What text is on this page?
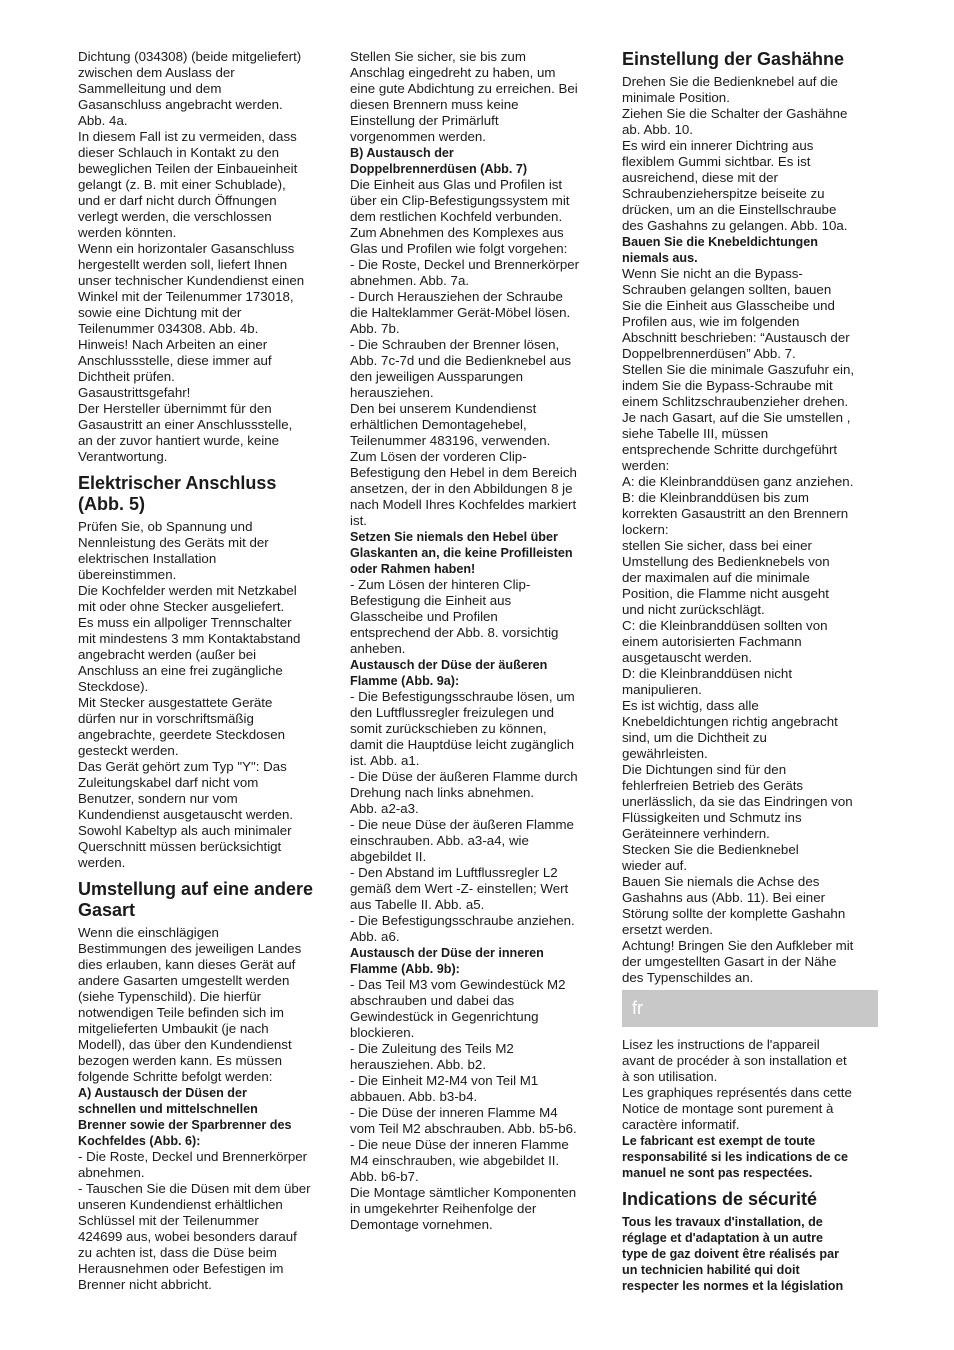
Dichtung (034308) (beide mitgeliefert)
zwischen dem Auslass der
Sammelleitung und dem
Gasanschluss angebracht werden.
Abb. 4a.
In diesem Fall ist zu vermeiden, dass
dieser Schlauch in Kontakt zu den
beweglichen Teilen der Einbaueinheit
gelangt (z. B. mit einer Schublade),
und er darf nicht durch Öffnungen
verlegt werden, die verschlossen
werden könnten.
Wenn ein horizontaler Gasanschluss
hergestellt werden soll, liefert Ihnen
unser technischer Kundendienst einen
Winkel mit der Teilenummer 173018,
sowie eine Dichtung mit der
Teilenummer 034308. Abb. 4b.
Hinweis! Nach Arbeiten an einer
Anschlussstelle, diese immer auf
Dichtheit prüfen.
Gasaustrittsgefahr!
Der Hersteller übernimmt für den
Gasaustritt an einer Anschlussstelle,
an der zuvor hantiert wurde, keine
Verantwortung.

Elektrischer Anschluss
(Abb. 5)

Prüfen Sie, ob Spannung und
Nennleistung des Geräts mit der
elektrischen Installation
übereinstimmen.
Die Kochfelder werden mit Netzkabel
mit oder ohne Stecker ausgeliefert.
Es muss ein allpoliger Trennschalter
mit mindestens 3 mm Kontaktabstand
angebracht werden (außer bei
Anschluss an eine frei zugängliche
Steckdose).
Mit Stecker ausgestattete Geräte
dürfen nur in vorschriftsmäßig
angebrachte, geerdete Steckdosen
gesteckt werden.
Das Gerät gehört zum Typ "Y": Das
Zuleitungskabel darf nicht vom
Benutzer, sondern nur vom
Kundendienst ausgetauscht werden.
Sowohl Kabeltyp als auch minimaler
Querschnitt müssen berücksichtigt
werden.

Umstellung auf eine andere
Gasart

Wenn die einschlägigen
Bestimmungen des jeweiligen Landes
dies erlauben, kann dieses Gerät auf
andere Gasarten umgestellt werden
(siehe Typenschild). Die hierfür
notwendigen Teile befinden sich im
mitgelieferten Umbaukit (je nach
Modell), das über den Kundendienst
bezogen werden kann. Es müssen
folgende Schritte befolgt werden:

A) Austausch der Düsen der
schnellen und mittelschnellen
Brenner sowie der Sparbrenner des
Kochfeldes (Abb. 6):

- Die Roste, Deckel und Brennerkörper
abnehmen.
- Tauschen Sie die Düsen mit dem über
unseren Kundendienst erhältlichen
Schlüssel mit der Teilenummer
424699 aus, wobei besonders darauf
zu achten ist, dass die Düse beim
Herausnehmen oder Befestigen im
Brenner nicht abbricht.

Stellen Sie sicher, sie bis zum
Anschlag eingedreht zu haben, um
eine gute Abdichtung zu erreichen. Bei
diesen Brennern muss keine
Einstellung der Primärluft
vorgenommen werden.

B) Austausch der
Doppelbrennerdüsen (Abb. 7)

Die Einheit aus Glas und Profilen ist
über ein Clip-Befestigungssystem mit
dem restlichen Kochfeld verbunden.
Zum Abnehmen des Komplexes aus
Glas und Profilen wie folgt vorgehen:
- Die Roste, Deckel und Brennerkörper
abnehmen. Abb. 7a.
- Durch Herausziehen der Schraube
die Halteklammer Gerät-Möbel lösen.
Abb. 7b.
- Die Schrauben der Brenner lösen,
Abb. 7c-7d und die Bedienknebel aus
den jeweiligen Aussparungen
herausziehen.
Den bei unserem Kundendienst
erhältlichen Demontagehebel,
Teilenummer 483196, verwenden.
Zum Lösen der vorderen Clip-
Befestigung den Hebel in dem Bereich
ansetzen, der in den Abbildungen 8 je
nach Modell Ihres Kochfeldes markiert
ist.

Setzen Sie niemals den Hebel über
Glaskanten an, die keine Profilleisten
oder Rahmen haben!

- Zum Lösen der hinteren Clip-
Befestigung die Einheit aus
Glasscheibe und Profilen
entsprechend der Abb. 8. vorsichtig
anheben.

Austausch der Düse der äußeren
Flamme (Abb. 9a):

- Die Befestigungsschraube lösen, um
den Luftflussregler freizulegen und
somit zurückschieben zu können,
damit die Hauptdüse leicht zugänglich
ist. Abb. a1.
- Die Düse der äußeren Flamme durch
Drehung nach links abnehmen.
Abb. a2-a3.
- Die neue Düse der äußeren Flamme
einschrauben. Abb. a3-a4, wie
abgebildet II.
- Den Abstand im Luftflussregler L2
gemäß dem Wert -Z- einstellen; Wert
aus Tabelle II. Abb. a5.
- Die Befestigungsschraube anziehen.
Abb. a6.

Austausch der Düse der inneren
Flamme (Abb. 9b):

- Das Teil M3 vom Gewindestück M2
abschrauben und dabei das
Gewindestück in Gegenrichtung
blockieren.
- Die Zuleitung des Teils M2
herausziehen. Abb. b2.
- Die Einheit M2-M4 von Teil M1
abbauen. Abb. b3-b4.
- Die Düse der inneren Flamme M4
vom Teil M2 abschrauben. Abb. b5-b6.
- Die neue Düse der inneren Flamme
M4 einschrauben, wie abgebildet II.
Abb. b6-b7.
Die Montage sämtlicher Komponenten
in umgekehrter Reihenfolge der
Demontage vornehmen.

Einstellung der Gashähne

Drehen Sie die Bedienknebel auf die
minimale Position.
Ziehen Sie die Schalter der Gashähne
ab. Abb. 10.
Es wird ein innerer Dichtring aus
flexiblem Gummi sichtbar. Es ist
ausreichend, diese mit der
Schraubenzieherspitze beiseite zu
drücken, um an die Einstellschraube
des Gashahns zu gelangen. Abb. 10a.

Bauen Sie die Knebeldichtungen
niemals aus.

Wenn Sie nicht an die Bypass-
Schrauben gelangen sollten, bauen
Sie die Einheit aus Glasscheibe und
Profilen aus, wie im folgenden
Abschnitt beschrieben: “Austausch der
Doppelbrennerdüsen” Abb. 7.
Stellen Sie die minimale Gaszufuhr ein,
indem Sie die Bypass-Schraube mit
einem Schlitzschraubenzieher drehen.
Je nach Gasart, auf die Sie umstellen ,
siehe Tabelle III, müssen
entsprechende Schritte durchgeführt
werden:
A: die Kleinbranddüsen ganz anziehen.
B: die Kleinbranddüsen bis zum
korrekten Gasaustritt an den Brennern
lockern:
stellen Sie sicher, dass bei einer
Umstellung des Bedienknebels von
der maximalen auf die minimale
Position, die Flamme nicht ausgeht
und nicht zurückschlägt.
C: die Kleinbranddüsen sollten von
einem autorisierten Fachmann
ausgetauscht werden.
D: die Kleinbranddüsen nicht
manipulieren.
Es ist wichtig, dass alle
Knebeldichtungen richtig angebracht
sind, um die Dichtheit zu
gewährleisten.
Die Dichtungen sind für den
fehlerfreien Betrieb des Geräts
unerlässlich, da sie das Eindringen von
Flüssigkeiten und Schmutz ins
Geräteinnere verhindern.
Stecken Sie die Bedienknebel
wieder auf.
Bauen Sie niemals die Achse des
Gashahns aus (Abb. 11). Bei einer
Störung sollte der komplette Gashahn
ersetzt werden.
Achtung! Bringen Sie den Aufkleber mit
der umgestellten Gasart in der Nähe
des Typenschildes an.

fr

Lisez les instructions de l'appareil
avant de procéder à son installation et
à son utilisation.
Les graphiques représentés dans cette
Notice de montage sont purement à
caractère informatif.

Le fabricant est exempt de toute
responsabilité si les indications de ce
manuel ne sont pas respectées.

Indications de sécurité

Tous les travaux d'installation, de
réglage et d'adaptation à un autre
type de gaz doivent être réalisés par
un technicien habilité qui doit
respecter les normes et la législation
